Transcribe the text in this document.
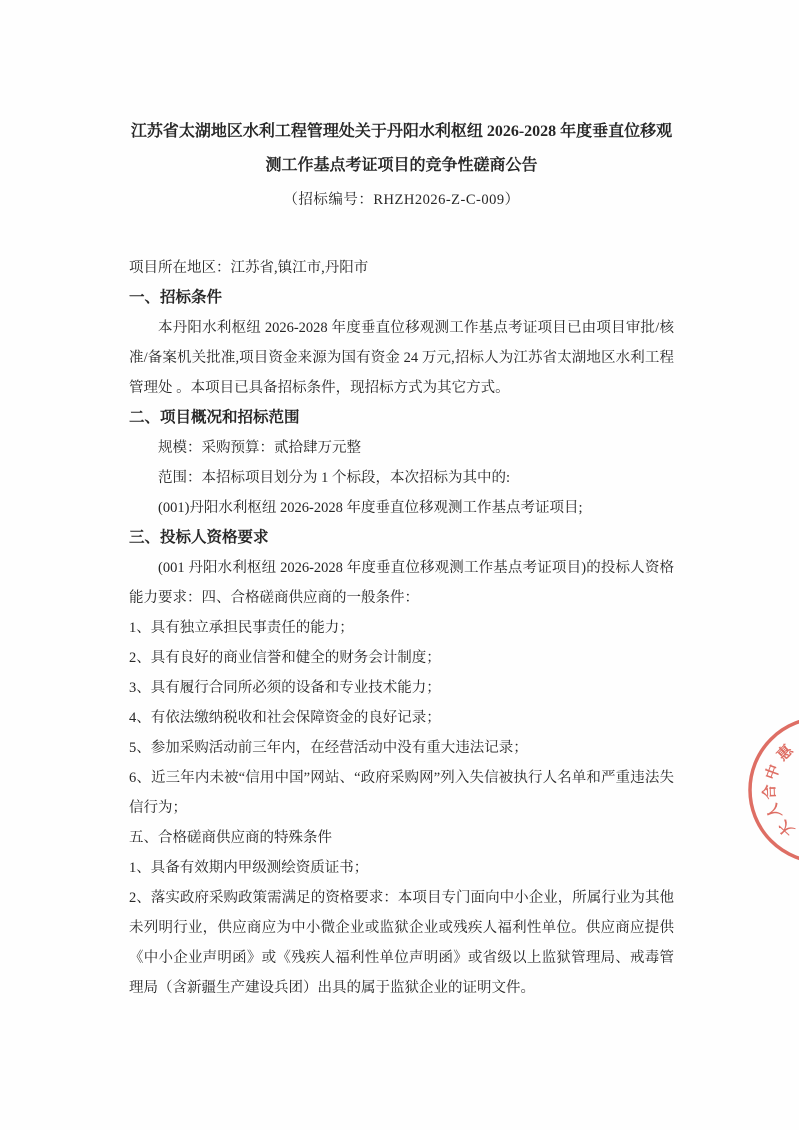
江苏省太湖地区水利工程管理处关于丹阳水利枢纽 2026-2028 年度垂直位移观
测工作基点考证项目的竞争性磋商公告
（招标编号：RHZH2026-Z-C-009）
项目所在地区：江苏省,镇江市,丹阳市
一、招标条件
本丹阳水利枢纽 2026-2028 年度垂直位移观测工作基点考证项目已由项目审批/核准/备案机关批准,项目资金来源为国有资金 24 万元,招标人为江苏省太湖地区水利工程管理处 。本项目已具备招标条件，现招标方式为其它方式。
二、项目概况和招标范围
规模：采购预算：贰拾肆万元整
范围：本招标项目划分为 1 个标段，本次招标为其中的:
(001)丹阳水利枢纽 2026-2028 年度垂直位移观测工作基点考证项目;
三、投标人资格要求
(001 丹阳水利枢纽 2026-2028 年度垂直位移观测工作基点考证项目)的投标人资格能力要求：四、合格磋商供应商的一般条件：
1、具有独立承担民事责任的能力；
2、具有良好的商业信誉和健全的财务会计制度；
3、具有履行合同所必须的设备和专业技术能力；
4、有依法缴纳税收和社会保障资金的良好记录；
5、参加采购活动前三年内，在经营活动中没有重大违法记录；
6、近三年内未被“信用中国”网站、“政府采购网”列入失信被执行人名单和严重违法失信行为；
五、合格磋商供应商的特殊条件
1、具备有效期内甲级测绘资质证书；
2、落实政府采购政策需满足的资格要求：本项目专门面向中小企业，所属行业为其他未列明行业，供应商应为中小微企业或监狱企业或残疾人福利性单位。供应商应提供《中小企业声明函》或《残疾人福利性单位声明函》或省级以上监狱管理局、戒毒管理局（含新疆生产建设兵团）出具的属于监狱企业的证明文件。
惠
中
合
人
大
